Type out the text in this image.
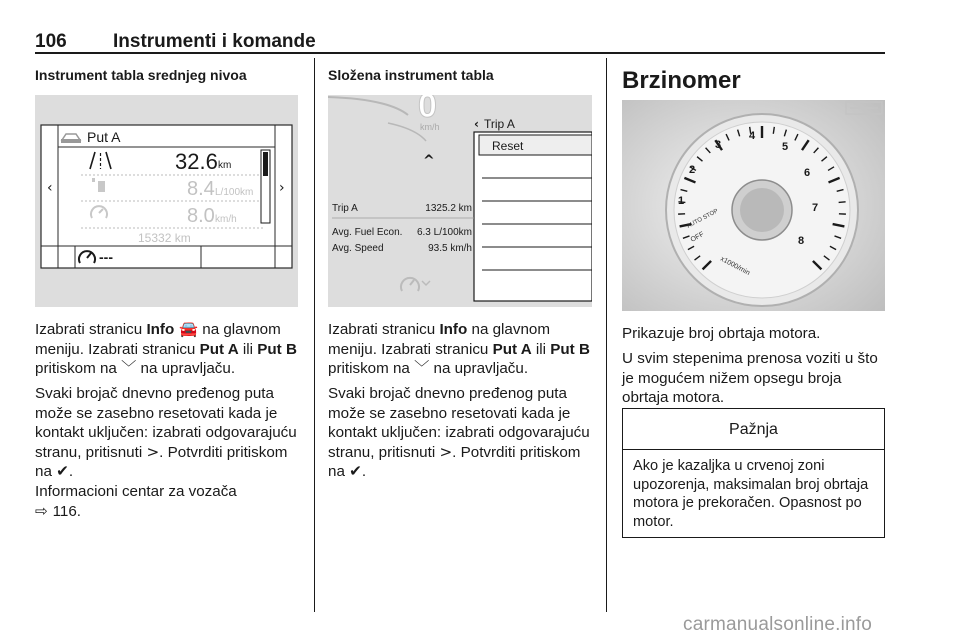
106 Instrumenti i komande
Instrument tabla srednjeg nivoa
Put A
‹	›
32.6 km
8.4 L/100km
8.0 km/h
15332 km
---
Izabrati stranicu Info 🚘 na glavnom meniju. Izabrati stranicu Put A ili Put B pritiskom na ﹀ na upravljaču.
Svaki brojač dnevno pređenog puta može se zasebno resetovati kada je kontakt uključen: izabrati odgovarajuću stranu, pritisnuti >. Potvrditi pritiskom na ✔.
Informacioni centar za vozača
⇨ 116.
Složena instrument tabla
0
km/h
^
‹ Trip A
Reset
Trip A	1325.2 km
Avg. Fuel Econ. 6.3 L/100km
Avg. Speed	93.5 km/h
Izabrati stranicu Info na glavnom meniju. Izabrati stranicu Put A ili Put B pritiskom na ﹀ na upravljaču.
Svaki brojač dnevno pređenog puta može se zasebno resetovati kada je kontakt uključen: izabrati odgovarajuću stranu, pritisnuti >. Potvrditi pritiskom na ✔.
Brzinomer
1
2
3
4
5
6
7
8
AUTO STOP
OFF
x1000/min
Prikazuje broj obrtaja motora.
U svim stepenima prenosa voziti u što je mogućem nižem opsegu broja obrtaja motora.
Pažnja
Ako je kazaljka u crvenoj zoni upozorenja, maksimalan broj obrtaja motora je prekoračen. Opasnost po motor.
carmanualsonline.info
